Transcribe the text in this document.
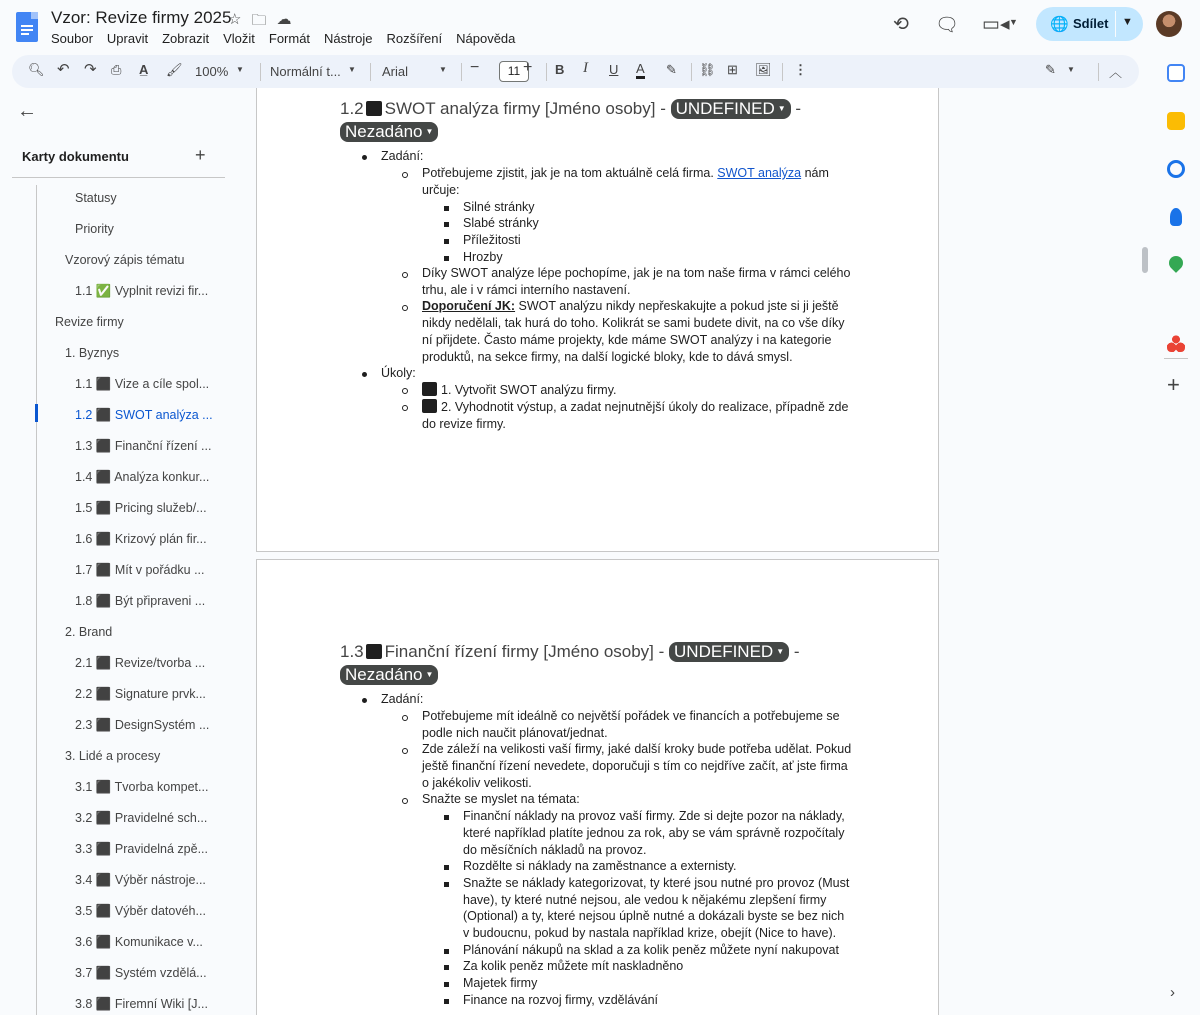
Vzor: Revize firmy 2025
☆ 🗀 ☁
Soubor Upravit Zobrazit Vložit Formát Nástroje Rozšíření Nápověda
⟲ 🗨 ▭◂ ▼ 🌐 Sdílet ▼
🔍︎ ↶ ↷ ⎙ A̲ 🖌︎ 100% ▼ Normální t... ▼ Arial	▼ −	11 + B I U A ✎ ⛓ ⊞ 🖼︎ ⋮	✎ ▼	︿
←
Karty dokumentu	+
Statusy
Priority
Vzorový zápis tématu
1.1 ✅ Vyplnit revizi fir...
Revize firmy
1. Byznys
1.1 ⬛ Vize a cíle spol...
1.2 ⬛ SWOT analýza ...
1.3 ⬛ Finanční řízení ...
1.4 ⬛ Analýza konkur...
1.5 ⬛ Pricing služeb/...
1.6 ⬛ Krizový plán fir...
1.7 ⬛ Mít v pořádku ...
1.8 ⬛ Být připraveni ...
2. Brand
2.1 ⬛ Revize/tvorba ...
2.2 ⬛ Signature prvk...
2.3 ⬛ DesignSystém ...
3. Lidé a procesy
3.1 ⬛ Tvorba kompet...
3.2 ⬛ Pravidelné sch...
3.3 ⬛ Pravidelná zpě...
3.4 ⬛ Výběr nástroje...
3.5 ⬛ Výběr datovéh...
3.6 ⬛ Komunikace v...
3.7 ⬛ Systém vzdělá...
3.8 ⬛ Firemní Wiki [J...
1.2 SWOT analýza firmy [Jméno osoby] - UNDEFINED ▼ -
Nezadáno ▼
Zadání:
Potřebujeme zjistit, jak je na tom aktuálně celá firma. SWOT analýza nám
určuje:
Silné stránky
Slabé stránky
Příležitosti
Hrozby
Díky SWOT analýze lépe pochopíme, jak je na tom naše firma v rámci celého
trhu, ale i v rámci interního nastavení.
Doporučení JK: SWOT analýzu nikdy nepřeskakujte a pokud jste si ji ještě
nikdy nedělali, tak hurá do toho. Kolikrát se sami budete divit, na co vše díky
ní přijdete. Často máme projekty, kde máme SWOT analýzy i na kategorie
produktů, na sekce firmy, na další logické bloky, kde to dává smysl.
Úkoly:
1. Vytvořit SWOT analýzu firmy.
2. Vyhodnotit výstup, a zadat nejnutnější úkoly do realizace, případně zde
do revize firmy.
1.3 Finanční řízení firmy [Jméno osoby] - UNDEFINED ▼ -
Nezadáno ▼
Zadání:
Potřebujeme mít ideálně co největší pořádek ve financích a potřebujeme se
podle nich naučit plánovat/jednat.
Zde záleží na velikosti vaší firmy, jaké další kroky bude potřeba udělat. Pokud
ještě finanční řízení nevedete, doporučuji s tím co nejdříve začít, ať jste firma
o jakékoliv velikosti.
Snažte se myslet na témata:
Finanční náklady na provoz vaší firmy. Zde si dejte pozor na náklady,
které například platíte jednou za rok, aby se vám správně rozpočítaly
do měsíčních nákladů na provoz.
Rozdělte si náklady na zaměstnance a externisty.
Snažte se náklady kategorizovat, ty které jsou nutné pro provoz (Must
have), ty které nutné nejsou, ale vedou k nějakému zlepšení firmy
(Optional) a ty, které nejsou úplně nutné a dokázali byste se bez nich
v budoucnu, pokud by nastala například krize, obejít (Nice to have).
Plánování nákupů na sklad a za kolik peněz můžete nyní nakupovat
Za kolik peněz můžete mít naskladněno
Majetek firmy
Finance na rozvoj firmy, vzdělávání
+
›
